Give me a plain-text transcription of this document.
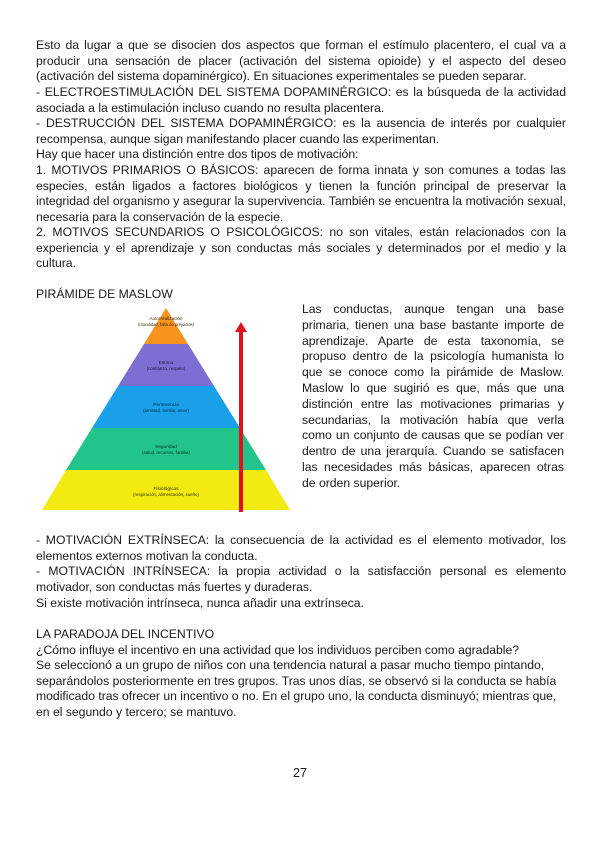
Esto da lugar a que se disocien dos aspectos que forman el estímulo placentero, el cual va a producir una sensación de placer (activación del sistema opioide) y el aspecto del deseo (activación del sistema dopaminérgico). En situaciones experimentales se pueden separar.

- ELECTROESTIMULACIÓN DEL SISTEMA DOPAMINÉRGICO: es la búsqueda de la actividad asociada a la estimulación incluso cuando no resulta placentera.

- DESTRUCCIÓN DEL SISTEMA DOPAMINÉRGICO: es la ausencia de interés por cualquier recompensa, aunque sigan manifestando placer cuando las experimentan.

Hay que hacer una distinción entre dos tipos de motivación:

1. MOTIVOS PRIMARIOS O BÁSICOS: aparecen de forma innata y son comunes a todas las especies, están ligados a factores biológicos y tienen la función principal de preservar la integridad del organismo y asegurar la supervivencia. También se encuentra la motivación sexual, necesaria para la conservación de la especie.

2. MOTIVOS SECUNDARIOS O PSICOLÓGICOS: no son vitales, están relacionados con la experiencia y el aprendizaje y son conductas más sociales y determinados por el medio y la cultura.

PIRÁMIDE DE MASLOW

Autorrealización
(moralidad, falta de prejuicios)
Estima
(confianza, respeto)
Pertenencia
(amistad, familia, amor)
Seguridad
(salud, recursos, familia)
Fisiológicas
(respiración, alimentación, sueño)

Las conductas, aunque tengan una base primaria, tienen una base bastante importe de aprendizaje. Aparte de esta taxonomía, se propuso dentro de la psicología humanista lo que se conoce como la pirámide de Maslow. Maslow lo que sugirió es que, más que una distinción entre las motivaciones primarias y secundarias, la motivación había que verla como un conjunto de causas que se podían ver dentro de una jerarquía. Cuando se satisfacen las necesidades más básicas, aparecen otras de orden superior.

- MOTIVACIÓN EXTRÍNSECA: la consecuencia de la actividad es el elemento motivador, los elementos externos motivan la conducta.

- MOTIVACIÓN INTRÍNSECA: la propia actividad o la satisfacción personal es elemento motivador, son conductas más fuertes y duraderas.

Si existe motivación intrínseca, nunca añadir una extrínseca.

LA PARADOJA DEL INCENTIVO

¿Cómo influye el incentivo en una actividad que los individuos perciben como agradable?

Se seleccionó a un grupo de niños con una tendencia natural a pasar mucho tiempo pintando, separándolos posteriormente en tres grupos. Tras unos días, se observó si la conducta se había modificado tras ofrecer un incentivo o no. En el grupo uno, la conducta disminuyó; mientras que, en el segundo y tercero; se mantuvo.

27
